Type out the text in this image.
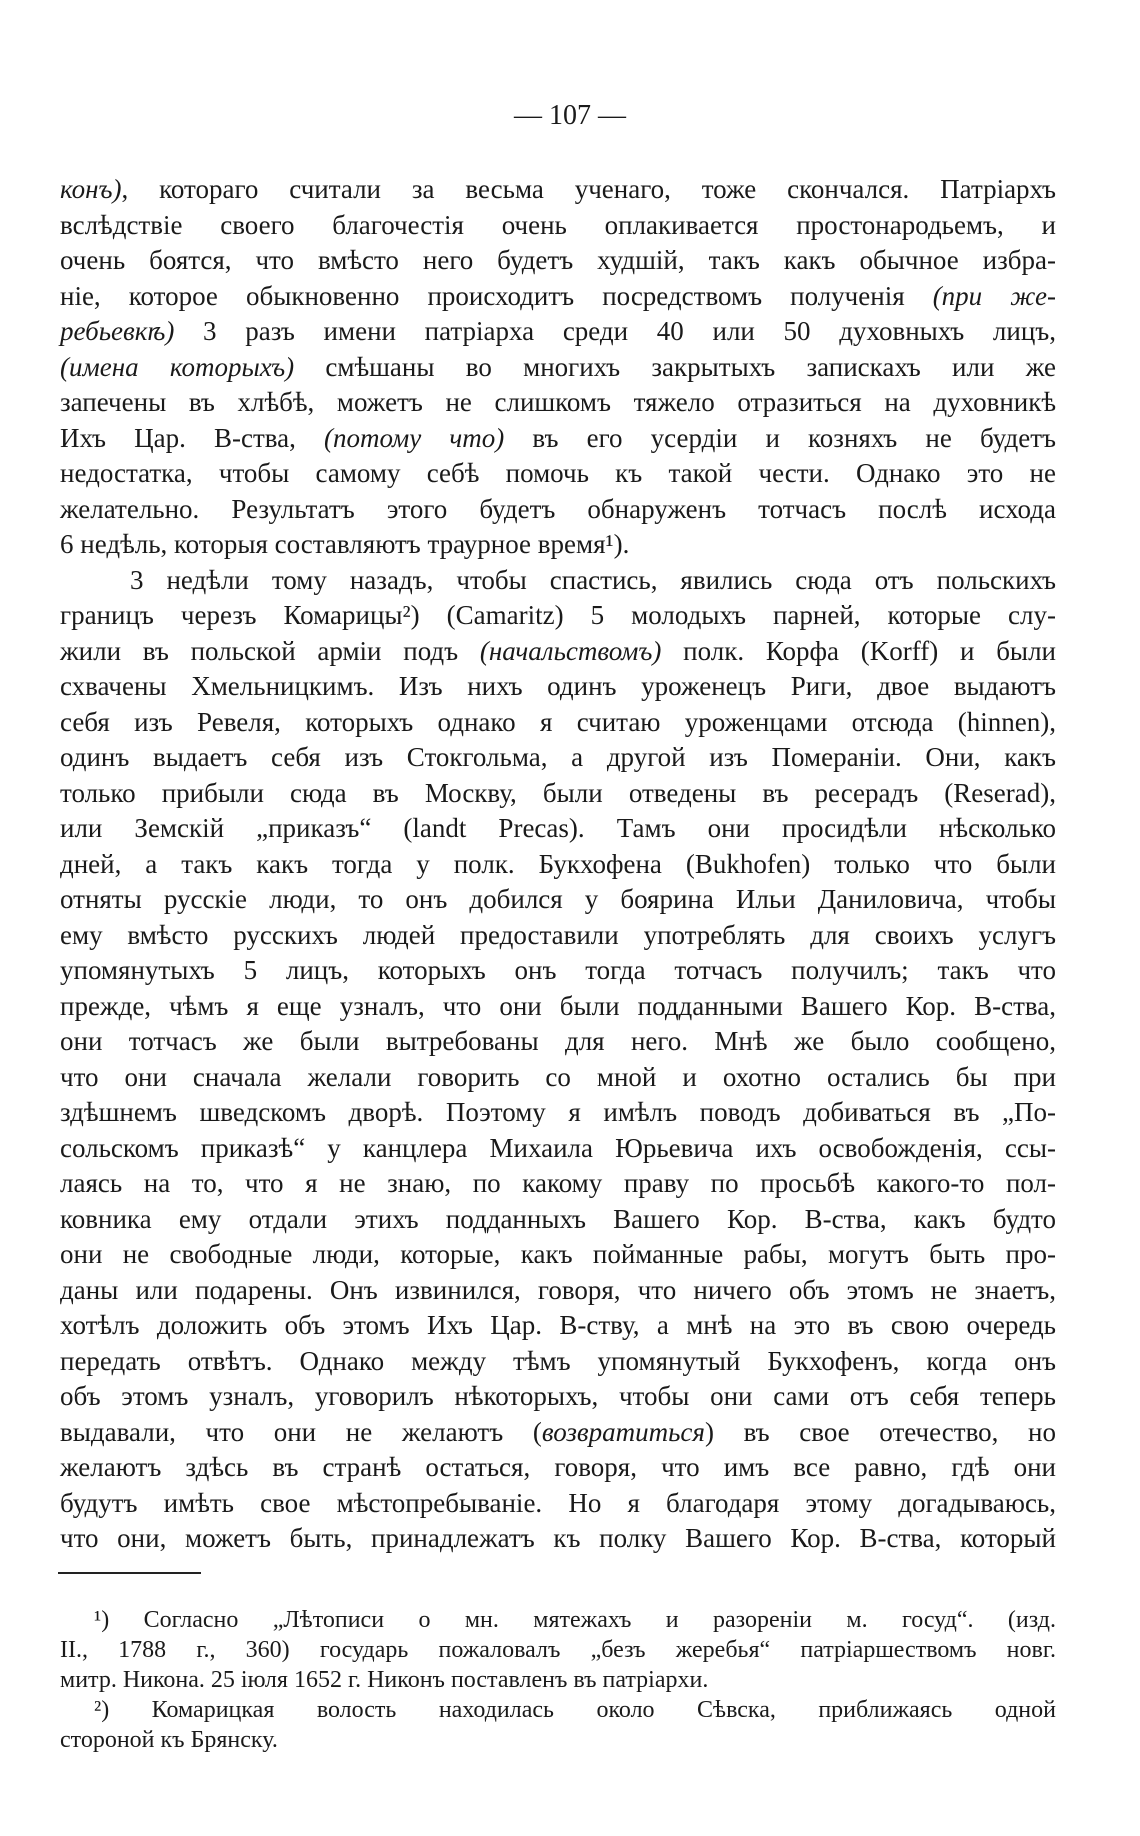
— 107 —
конъ), котораго считали за весьма ученаго, тоже скончался. Патріархъ
вслѣдствіе своего благочестія очень оплакивается простонародьемъ, и
очень боятся, что вмѣсто него будетъ худшій, такъ какъ обычное избра-
ніе, которое обыкновенно происходитъ посредствомъ полученія (при же-
ребьевкѣ) 3 разъ имени патріарха среди 40 или 50 духовныхъ лицъ,
(имена которыхъ) смѣшаны во многихъ закрытыхъ запискахъ или же
запечены въ хлѣбѣ, можетъ не слишкомъ тяжело отразиться на духовникѣ
Ихъ Цар. В-ства, (потому что) въ его усердіи и козняхъ не будетъ
недостатка, чтобы самому себѣ помочь къ такой чести. Однако это не
желательно. Результатъ этого будетъ обнаруженъ тотчасъ послѣ исхода
6 недѣль, которыя составляютъ траурное время¹).
3 недѣли тому назадъ, чтобы спастись, явились сюда отъ польскихъ
границъ черезъ Комарицы²) (Camaritz) 5 молодыхъ парней, которые слу-
жили въ польской арміи подъ (начальствомъ) полк. Корфа (Korff) и были
схвачены Хмельницкимъ. Изъ нихъ одинъ уроженецъ Риги, двое выдаютъ
себя изъ Ревеля, которыхъ однако я считаю уроженцами отсюда (hinnen),
одинъ выдаетъ себя изъ Стокгольма, а другой изъ Помераніи. Они, какъ
только прибыли сюда въ Москву, были отведены въ ресерадъ (Reserad),
или Земскій „приказъ“ (landt Precas). Тамъ они просидѣли нѣсколько
дней, а такъ какъ тогда у полк. Букхофена (Bukhofen) только что были
отняты русскіе люди, то онъ добился у боярина Ильи Даниловича, чтобы
ему вмѣсто русскихъ людей предоставили употреблять для своихъ услугъ
упомянутыхъ 5 лицъ, которыхъ онъ тогда тотчасъ получилъ; такъ что
прежде, чѣмъ я еще узналъ, что они были подданными Вашего Кор. В-ства,
они тотчасъ же были вытребованы для него. Мнѣ же было сообщено,
что они сначала желали говорить со мной и охотно остались бы при
здѣшнемъ шведскомъ дворѣ. Поэтому я имѣлъ поводъ добиваться въ „По-
сольскомъ приказѣ“ у канцлера Михаила Юрьевича ихъ освобожденія, ссы-
лаясь на то, что я не знаю, по какому праву по просьбѣ какого-то пол-
ковника ему отдали этихъ подданныхъ Вашего Кор. В-ства, какъ будто
они не свободные люди, которые, какъ пойманные рабы, могутъ быть про-
даны или подарены. Онъ извинился, говоря, что ничего объ этомъ не знаетъ,
хотѣлъ доложить объ этомъ Ихъ Цар. В-ству, а мнѣ на это въ свою очередь
передать отвѣтъ. Однако между тѣмъ упомянутый Букхофенъ, когда онъ
объ этомъ узналъ, уговорилъ нѣкоторыхъ, чтобы они сами отъ себя теперь
выдавали, что они не желаютъ (возвратиться) въ свое отечество, но
желаютъ здѣсь въ странѣ остаться, говоря, что имъ все равно, гдѣ они
будутъ имѣть свое мѣстопребываніе. Но я благодаря этому догадываюсь,
что они, можетъ быть, принадлежатъ къ полку Вашего Кор. В-ства, который
¹) Согласно „Лѣтописи о мн. мятежахъ и разореніи м. госуд“. (изд.
II., 1788 г., 360) государь пожаловалъ „безъ жеребья“ патріаршествомъ новг.
митр. Никона. 25 іюля 1652 г. Никонъ поставленъ въ патріархи.
²) Комарицкая волость находилась около Сѣвска, приближаясь одной
стороной къ Брянску.
